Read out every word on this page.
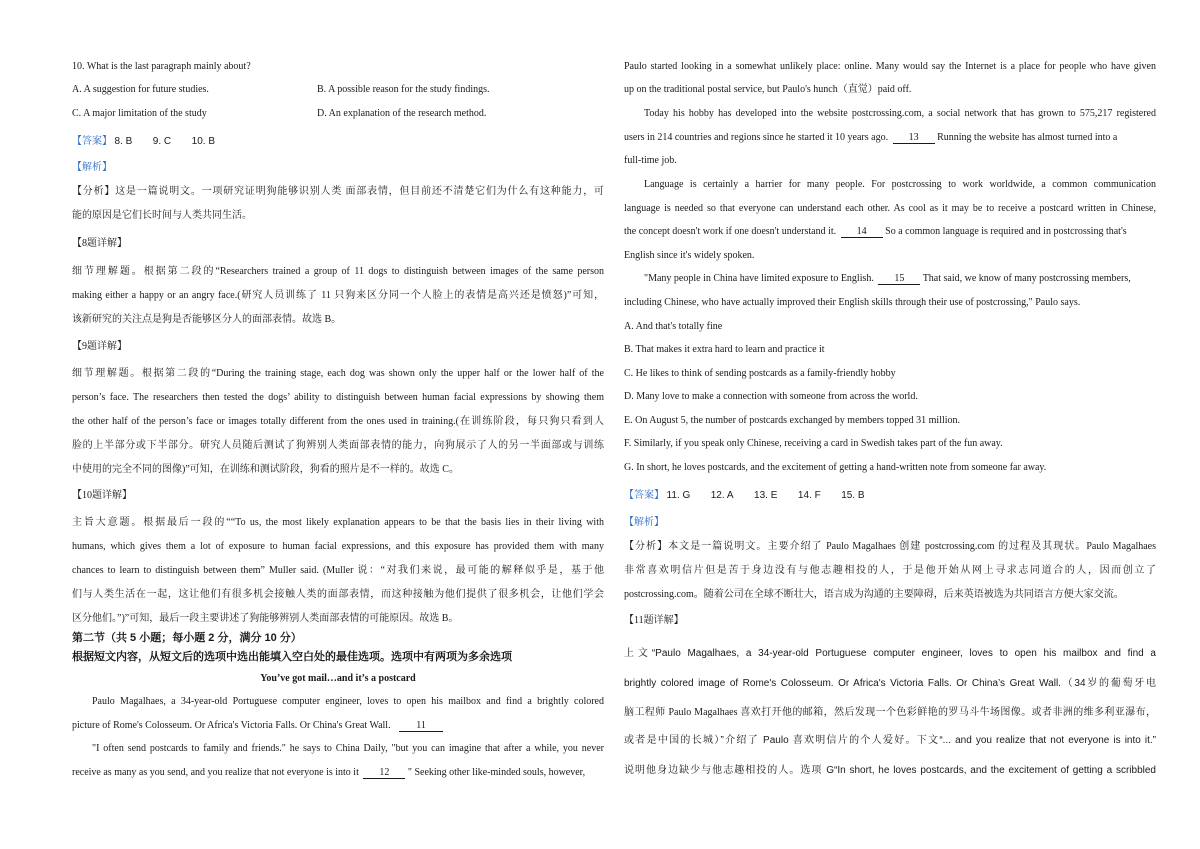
10. What is the last paragraph mainly about?
A. A suggestion for future studies.	B. A possible reason for the study findings.
C. A major limitation of the study	D. An explanation of the research method.
【答案】 8. B 9. C 10. B
【解析】
【分析】这是一篇说明文。一项研究证明狗能够识别人类 面部表情，但目前还不清楚它们为什么有这种能力，可
能的原因是它们长时间与人类共同生活。
【8题详解】
细节理解题。根据第二段的“Researchers trained a group of 11 dogs to distinguish between images of the same person
making either a happy or an angry face.(研究人员训练了 11 只狗来区分同一个人脸上的表情是高兴还是愤怒)”可知，
该新研究的关注点是狗是否能够区分人的面部表情。故选 B。
【9题详解】
细节理解题。根据第二段的“During the training stage, each dog was shown only the upper half or the lower half of the
person’s face. The researchers then tested the dogs’ ability to distinguish between human facial expressions by showing them
the other half of the person’s face or images totally different from the ones used in training.(在训练阶段，每只狗只看到人
脸的上半部分或下半部分。研究人员随后测试了狗辨别人类面部表情的能力，向狗展示了人的另一半面部或与训练
中使用的完全不同的图像)”可知，在训练和测试阶段，狗看的照片是不一样的。故选 C。
【10题详解】
主旨大意题。根据最后一段的““To us, the most likely explanation appears to be that the basis lies in their living with
humans, which gives them a lot of exposure to human facial expressions, and this exposure has provided them with many
chances to learn to distinguish between them” Muller said. (Muller 说：“对我们来说，最可能的解释似乎是，基于他
们与人类生活在一起，这让他们有很多机会接触人类的面部表情，而这种接触为他们提供了很多机会，让他们学会
区分他们。”)”可知，最后一段主要讲述了狗能够辨别人类面部表情的可能原因。故选 B。
第二节（共 5 小题；每小题 2 分，满分 10 分）
根据短文内容，从短文后的选项中选出能填入空白处的最佳选项。选项中有两项为多余选项
You’ve got mail…and it’s a postcard
Paulo Magalhaes, a 34-year-old Portuguese computer engineer, loves to open his mailbox and find a brightly colored
picture of Rome's Colosseum. Or Africa's Victoria Falls. Or China's Great Wall.	11
"I often send postcards to family and friends." he says to China Daily, "but you can imagine that after a while, you never
receive as many as you send, and you realize that not everyone is into it 12 " Seeking other like-minded souls, however,
Paulo started looking in a somewhat unlikely place: online. Many would say the Internet is a place for people who have given
up on the traditional postal service, but Paulo's hunch（直觉）paid off.
Today his hobby has developed into the website postcrossing.com, a social network that has grown to 575,217 registered
users in 214 countries and regions since he started it 10 years ago. 13 Running the website has almost turned into a
full-time job.
Language is certainly a harrier for many people. For postcrossing to work worldwide, a common communication
language is needed so that everyone can understand each other. As cool as it may be to receive a postcard written in Chinese,
the concept doesn't work if one doesn't understand it. 14 So a common language is required and in postcrossing that's
English since it's widely spoken.
"Many people in China have limited exposure to English. 15 That said, we know of many postcrossing members,
including Chinese, who have actually improved their English skills through their use of postcrossing," Paulo says.
A. And that's totally fine
B. That makes it extra hard to learn and practice it
C. He likes to think of sending postcards as a family-friendly hobby
D. Many love to make a connection with someone from across the world.
E. On August 5, the number of postcards exchanged by members topped 31 million.
F. Similarly, if you speak only Chinese, receiving a card in Swedish takes part of the fun away.
G. In short, he loves postcards, and the excitement of getting a hand-written note from someone far away.
【答案】 11. G 12. A 13. E 14. F 15. B
【解析】
【分析】本文是一篇说明文。主要介绍了 Paulo Magalhaes 创建 postcrossing.com 的过程及其现状。Paulo Magalhaes
非常喜欢明信片但是苦于身边没有与他志趣相投的人，于是他开始从网上寻求志同道合的人，因而创立了
postcrossing.com。随着公司在全球不断壮大，语言成为沟通的主要障碍，后来英语被选为共同语言方便大家交流。
【11题详解】
上文“Paulo Magalhaes, a 34-year-old Portuguese computer engineer, loves to open his mailbox and find a
brightly colored image of Rome's Colosseum. Or Africa's Victoria Falls. Or China’s Great Wall.（34岁的葡萄牙电
脑工程师 Paulo Magalhaes 喜欢打开他的邮箱，然后发现一个色彩鲜艳的罗马斗牛场图像。或者非洲的维多利亚瀑布，
或者是中国的长城）”介绍了 Paulo 喜欢明信片的个人爱好。下文“... and you realize that not everyone is into it.”
说明他身边缺少与他志趣相投的人。选项 G“In short, he loves postcards, and the excitement of getting a scribbled
